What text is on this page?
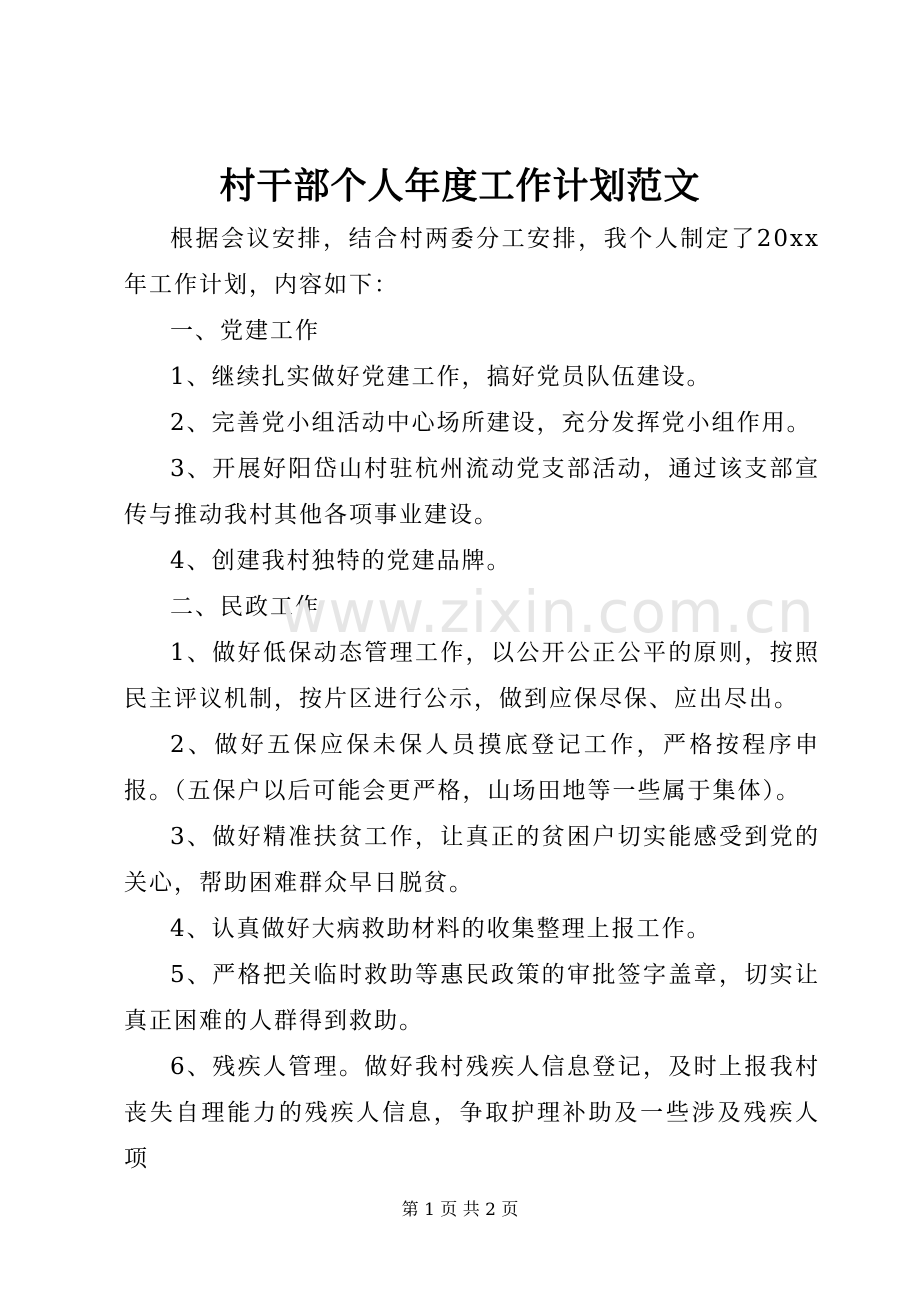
村干部个人年度工作计划范文

根据会议安排，结合村两委分工安排，我个人制定了20xx年工作计划，内容如下：

一、党建工作

1、继续扎实做好党建工作，搞好党员队伍建设。

2、完善党小组活动中心场所建设，充分发挥党小组作用。

3、开展好阳岱山村驻杭州流动党支部活动，通过该支部宣传与推动我村其他各项事业建设。

4、创建我村独特的党建品牌。

二、民政工作

1、做好低保动态管理工作，以公开公正公平的原则，按照民主评议机制，按片区进行公示，做到应保尽保、应出尽出。

2、做好五保应保未保人员摸底登记工作，严格按程序申报。（五保户以后可能会更严格，山场田地等一些属于集体）。

3、做好精准扶贫工作，让真正的贫困户切实能感受到党的关心，帮助困难群众早日脱贫。

4、认真做好大病救助材料的收集整理上报工作。

5、严格把关临时救助等惠民政策的审批签字盖章，切实让真正困难的人群得到救助。

6、残疾人管理。做好我村残疾人信息登记，及时上报我村丧失自理能力的残疾人信息，争取护理补助及一些涉及残疾人项

www.zixin.com.cn
第 1 页 共 2 页
